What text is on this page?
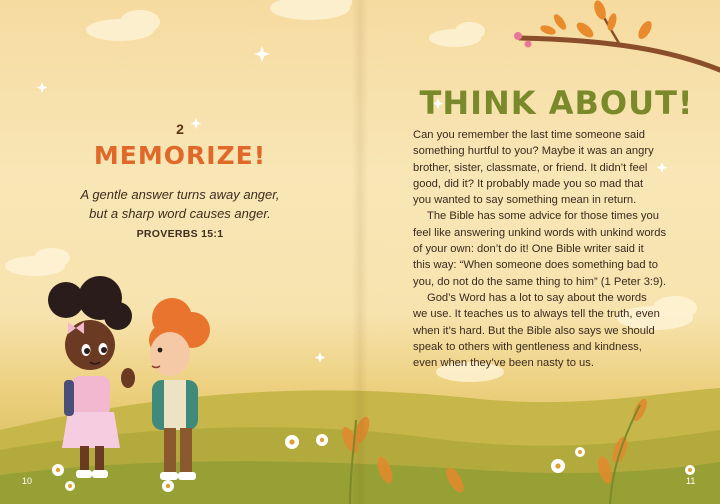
2
MEMORIZE!
A gentle answer turns away anger,
but a sharp word causes anger.
PROVERBS 15:1
THINK ABOUT!
Can you remember the last time someone said
something hurtful to you? Maybe it was an angry
brother, sister, classmate, or friend. It didn’t feel
good, did it? It probably made you so mad that
you wanted to say something mean in return.
The Bible has some advice for those times you
feel like answering unkind words with unkind words
of your own: don’t do it! One Bible writer said it
this way: “When someone does something bad to
you, do not do the same thing to him” (1 Peter 3:9).
God’s Word has a lot to say about the words
we use. It teaches us to always tell the truth, even
when it’s hard. But the Bible also says we should
speak to others with gentleness and kindness,
even when they’ve been nasty to us.
10	11
